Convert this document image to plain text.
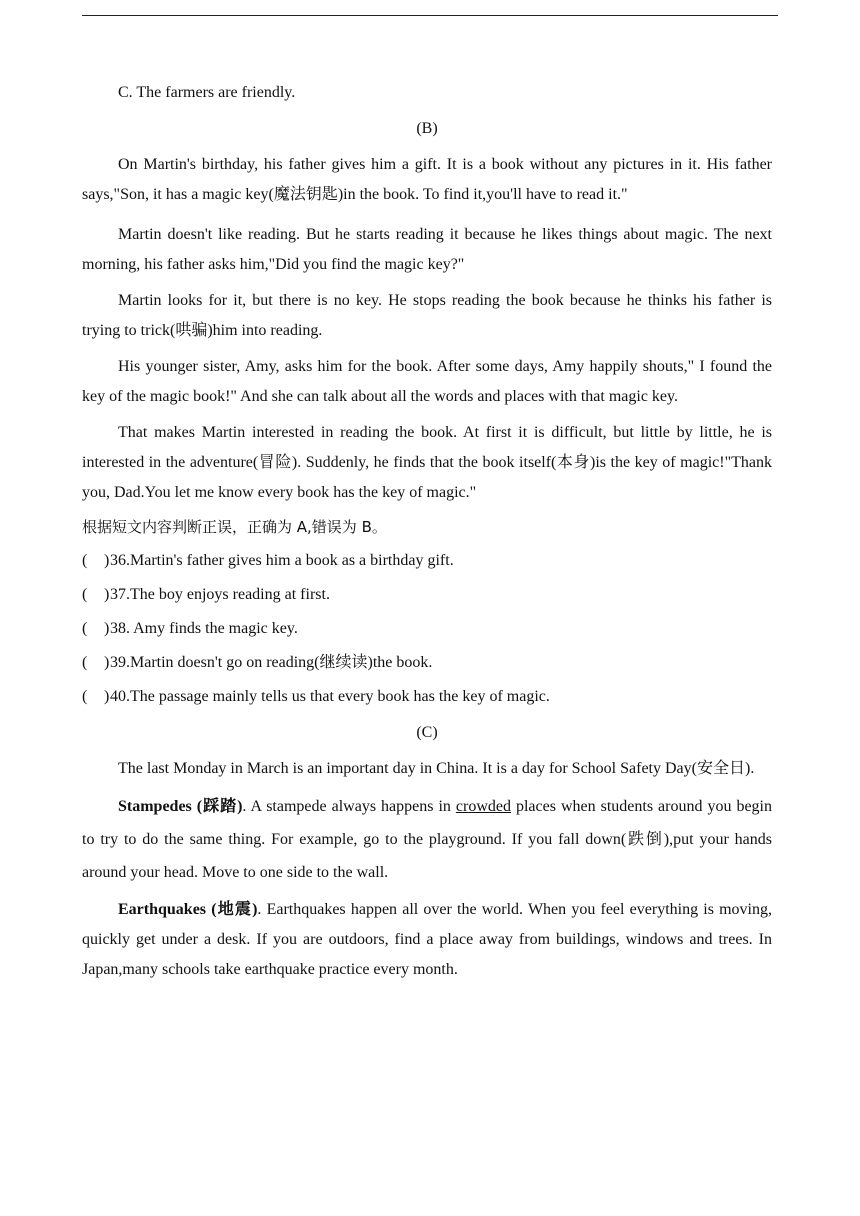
C. The farmers are friendly.

(B)

On Martin's birthday, his father gives him a gift. It is a book without any pictures in it. His father says,"Son, it has a magic key(魔法钥匙)in the book. To find it,you'll have to read it."

Martin doesn't like reading. But he starts reading it because he likes things about magic. The next morning, his father asks him,"Did you find the magic key?"

Martin looks for it, but there is no key. He stops reading the book because he thinks his father is trying to trick(哄骗)him into reading.

His younger sister, Amy, asks him for the book. After some days, Amy happily shouts," I found the key of the magic book!" And she can talk about all the words and places with that magic key.

That makes Martin interested in reading the book. At first it is difficult, but little by little, he is interested in the adventure(冒险). Suddenly, he finds that the book itself(本身)is the key of magic!"Thank you, Dad.You let me know every book has the key of magic."

根据短文内容判断正误，正确为 A,错误为 B。

(	) 36.Martin's father gives him a book as a birthday gift.
(	) 37.The boy enjoys reading at first.
(	) 38. Amy finds the magic key.
(	) 39.Martin doesn't go on reading(继续读)the book.
(	) 40.The passage mainly tells us that every book has the key of magic.

(C)

The last Monday in March is an important day in China. It is a day for School Safety Day(安全日).

Stampedes (踩踏). A stampede always happens in crowded places when students around you begin to try to do the same thing. For example, go to the playground. If you fall down(跌倒),put your hands around your head. Move to one side to the wall.

Earthquakes (地震). Earthquakes happen all over the world. When you feel everything is moving, quickly get under a desk. If you are outdoors, find a place away from buildings, windows and trees. In Japan,many schools take earthquake practice every month.
